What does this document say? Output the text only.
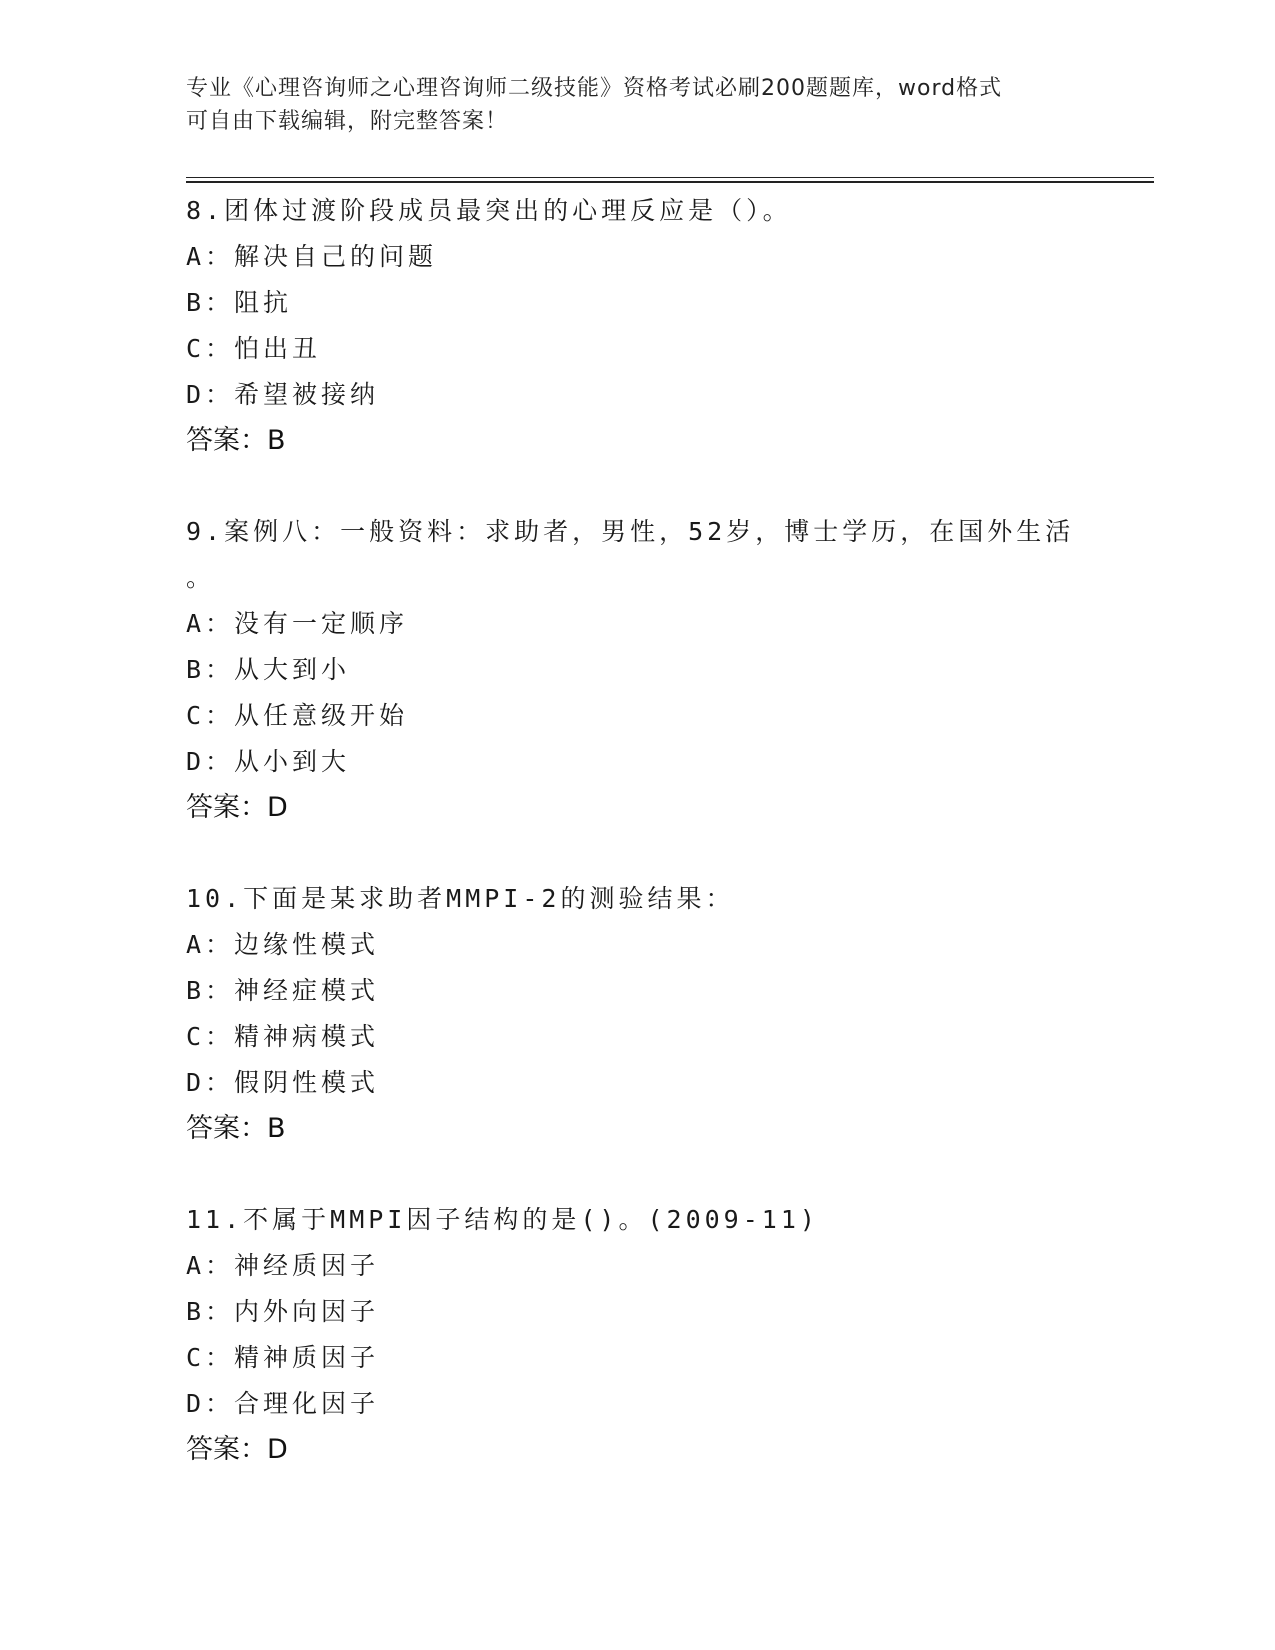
专业《心理咨询师之心理咨询师二级技能》资格考试必刷200题题库，word格式
可自由下载编辑，附完整答案！
8.团体过渡阶段成员最突出的心理反应是（）。
A：解决自己的问题
B：阻抗
C：怕出丑
D：希望被接纳
答案：B
9.案例八：一般资料：求助者，男性，52岁，博士学历，在国外生活
。
A：没有一定顺序
B：从大到小
C：从任意级开始
D：从小到大
答案：D
10.下面是某求助者MMPI-2的测验结果：
A：边缘性模式
B：神经症模式
C：精神病模式
D：假阴性模式
答案：B
11.不属于MMPI因子结构的是()。(2009-11)
A：神经质因子
B：内外向因子
C：精神质因子
D：合理化因子
答案：D
